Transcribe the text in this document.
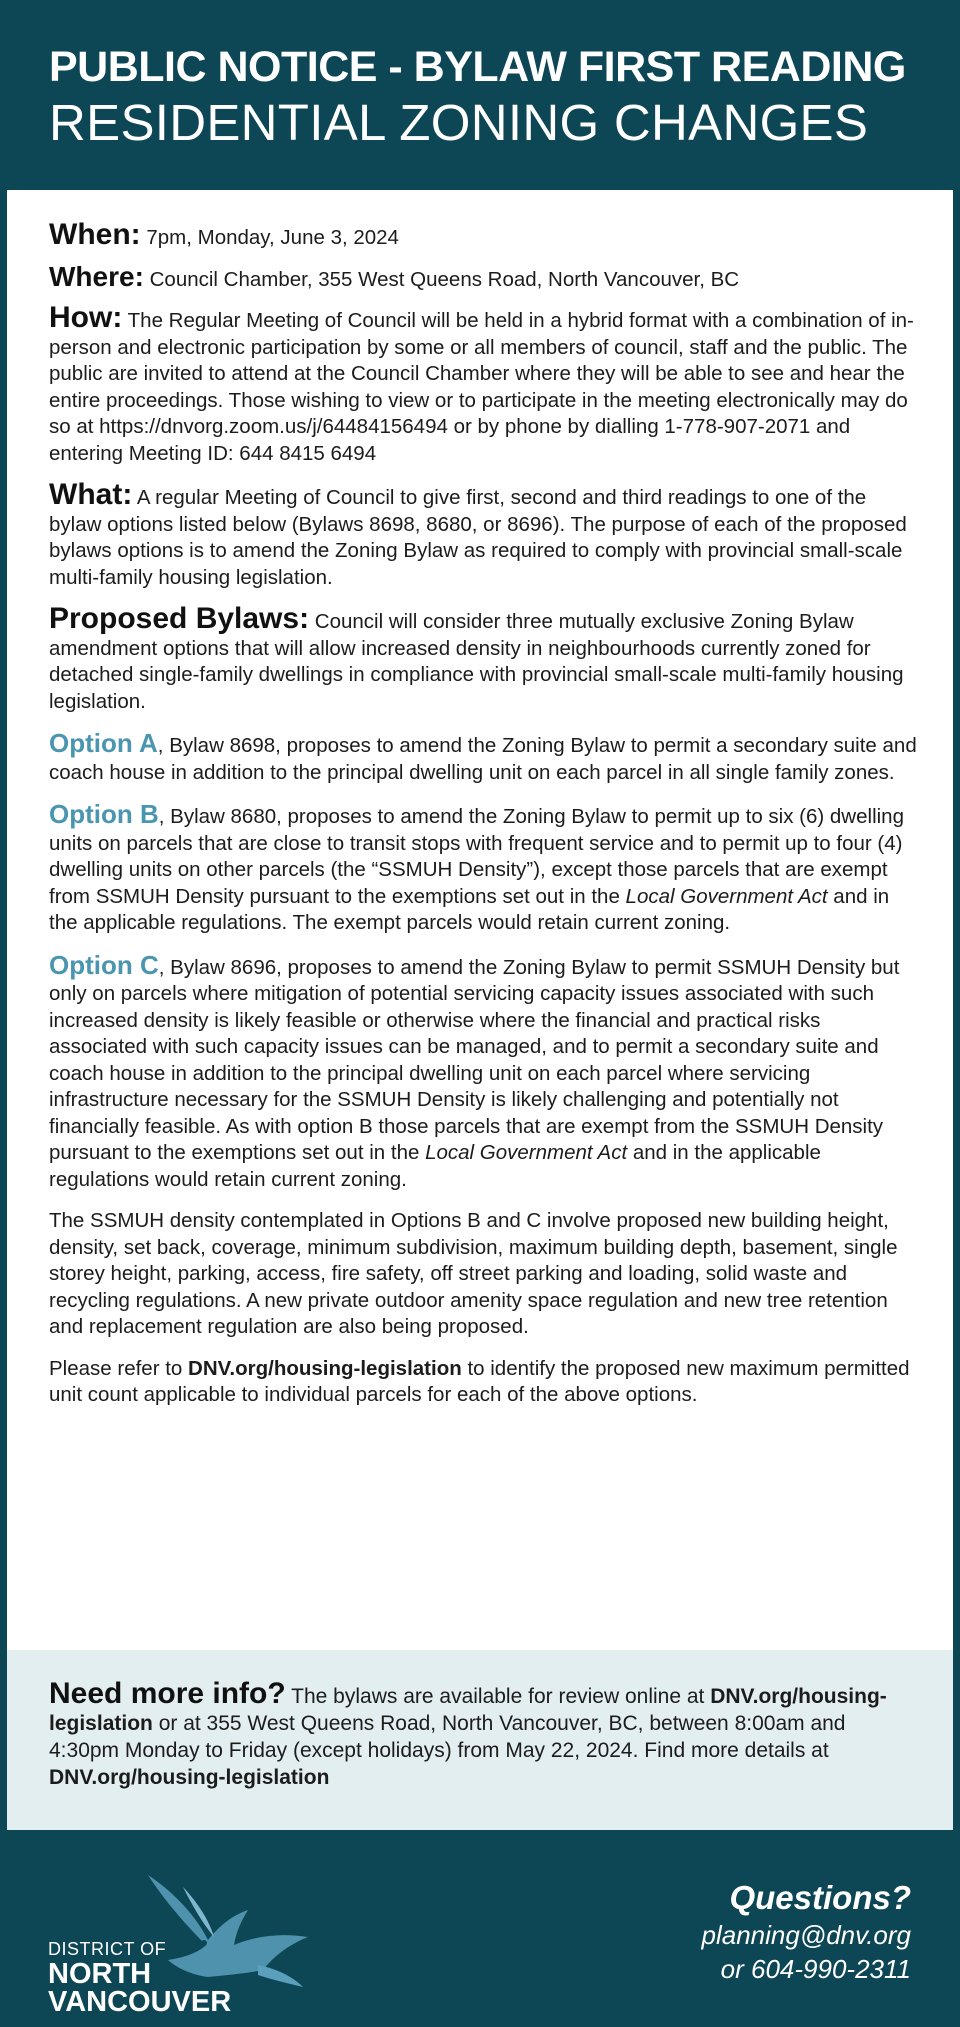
PUBLIC NOTICE - BYLAW FIRST READING
RESIDENTIAL ZONING CHANGES

When: 7pm, Monday, June 3, 2024

Where: Council Chamber, 355 West Queens Road, North Vancouver, BC

How: The Regular Meeting of Council will be held in a hybrid format with a combination of in-person and electronic participation by some or all members of council, staff and the public. The public are invited to attend at the Council Chamber where they will be able to see and hear the entire proceedings. Those wishing to view or to participate in the meeting electronically may do so at https://dnvorg.zoom.us/j/64484156494 or by phone by dialling 1-778-907-2071 and entering Meeting ID: 644 8415 6494

What: A regular Meeting of Council to give first, second and third readings to one of the bylaw options listed below (Bylaws 8698, 8680, or 8696). The purpose of each of the proposed bylaws options is to amend the Zoning Bylaw as required to comply with provincial small-scale multi-family housing legislation.

Proposed Bylaws: Council will consider three mutually exclusive Zoning Bylaw amendment options that will allow increased density in neighbourhoods currently zoned for detached single-family dwellings in compliance with provincial small-scale multi-family housing legislation.

Option A, Bylaw 8698, proposes to amend the Zoning Bylaw to permit a secondary suite and coach house in addition to the principal dwelling unit on each parcel in all single family zones.

Option B, Bylaw 8680, proposes to amend the Zoning Bylaw to permit up to six (6) dwelling units on parcels that are close to transit stops with frequent service and to permit up to four (4) dwelling units on other parcels (the “SSMUH Density”), except those parcels that are exempt from SSMUH Density pursuant to the exemptions set out in the Local Government Act and in the applicable regulations. The exempt parcels would retain current zoning.

Option C, Bylaw 8696, proposes to amend the Zoning Bylaw to permit SSMUH Density but only on parcels where mitigation of potential servicing capacity issues associated with such increased density is likely feasible or otherwise where the financial and practical risks associated with such capacity issues can be managed, and to permit a secondary suite and coach house in addition to the principal dwelling unit on each parcel where servicing infrastructure necessary for the SSMUH Density is likely challenging and potentially not financially feasible. As with option B those parcels that are exempt from the SSMUH Density pursuant to the exemptions set out in the Local Government Act and in the applicable regulations would retain current zoning.

The SSMUH density contemplated in Options B and C involve proposed new building height, density, set back, coverage, minimum subdivision, maximum building depth, basement, single storey height, parking, access, fire safety, off street parking and loading, solid waste and recycling regulations. A new private outdoor amenity space regulation and new tree retention and replacement regulation are also being proposed.

Please refer to DNV.org/housing-legislation to identify the proposed new maximum permitted unit count applicable to individual parcels for each of the above options.

Need more info? The bylaws are available for review online at DNV.org/housing-legislation or at 355 West Queens Road, North Vancouver, BC, between 8:00am and 4:30pm Monday to Friday (except holidays) from May 22, 2024. Find more details at DNV.org/housing-legislation
DISTRICT OF
NORTH
VANCOUVER
Questions?
planning@dnv.org
or 604-990-2311
